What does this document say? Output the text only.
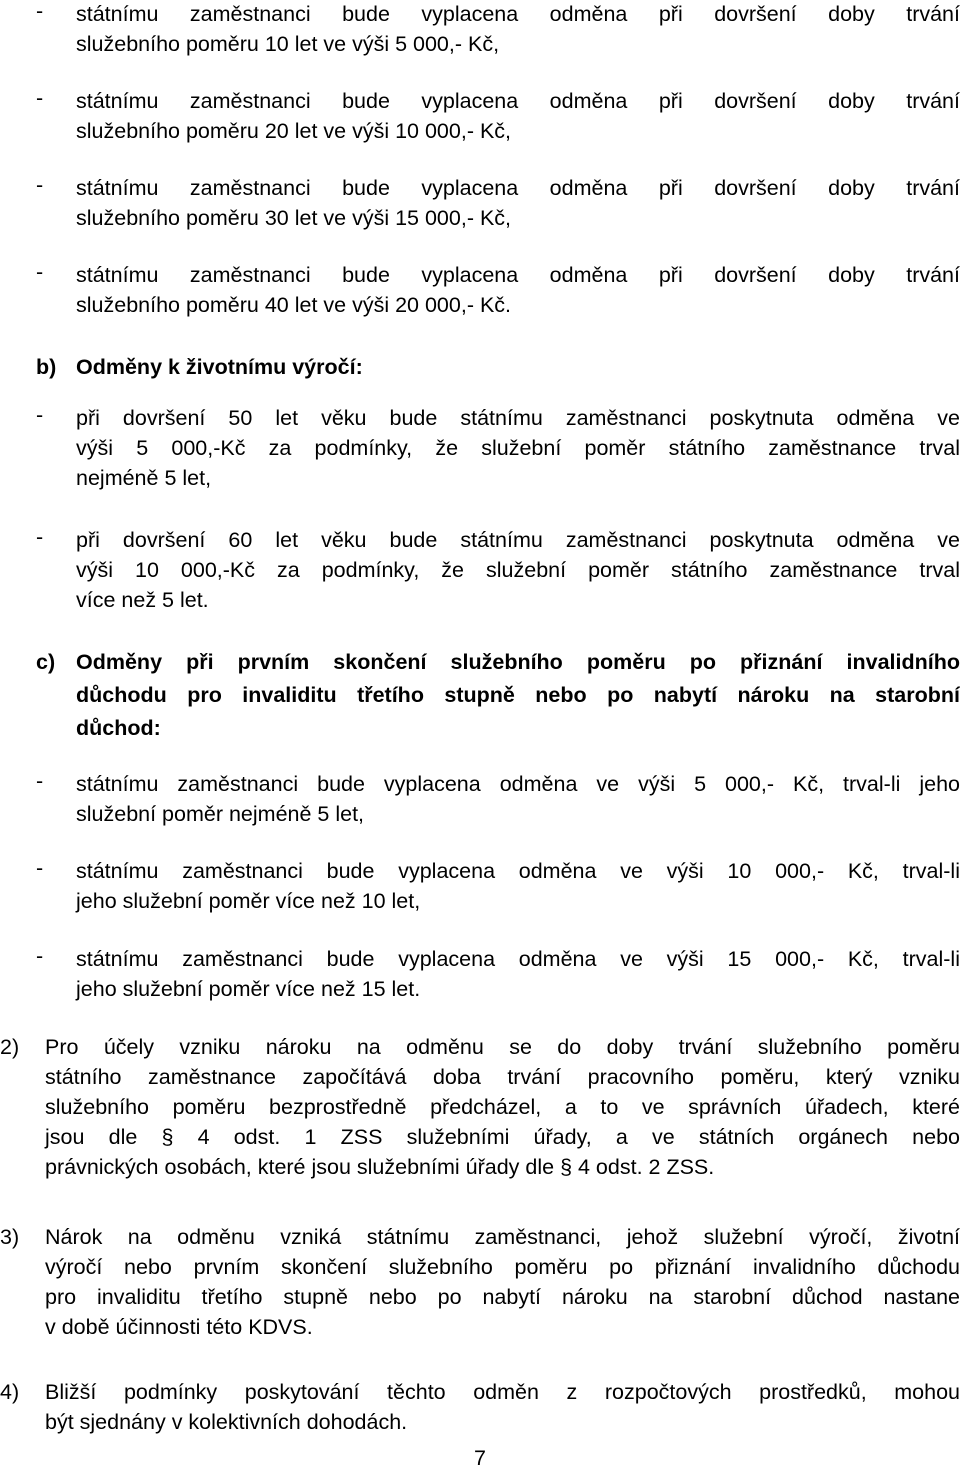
-	státnímu zaměstnanci bude vyplacena odměna při dovršení doby trvání
služebního poměru 10 let ve výši 5 000,- Kč,
-	státnímu zaměstnanci bude vyplacena odměna při dovršení doby trvání
služebního poměru 20 let ve výši 10 000,- Kč,
-	státnímu zaměstnanci bude vyplacena odměna při dovršení doby trvání
služebního poměru 30 let ve výši 15 000,- Kč,
-	státnímu zaměstnanci bude vyplacena odměna při dovršení doby trvání
služebního poměru 40 let ve výši 20 000,- Kč.
b) Odměny k životnímu výročí:
-	při dovršení 50 let věku bude státnímu zaměstnanci poskytnuta odměna ve
výši 5 000,-Kč za podmínky, že služební poměr státního zaměstnance trval
nejméně 5 let,
-	při dovršení 60 let věku bude státnímu zaměstnanci poskytnuta odměna ve
výši 10 000,-Kč za podmínky, že služební poměr státního zaměstnance trval
více než 5 let.
c) Odměny při prvním skončení služebního poměru po přiznání invalidního
důchodu pro invaliditu třetího stupně nebo po nabytí nároku na starobní
důchod:
-	státnímu zaměstnanci bude vyplacena odměna ve výši 5 000,- Kč, trval-li jeho
služební poměr nejméně 5 let,
-	státnímu zaměstnanci bude vyplacena odměna ve výši 10 000,- Kč, trval-li
jeho služební poměr více než 10 let,
-	státnímu zaměstnanci bude vyplacena odměna ve výši 15 000,- Kč, trval-li
jeho služební poměr více než 15 let.
2)	Pro účely vzniku nároku na odměnu se do doby trvání služebního poměru
státního zaměstnance započítává doba trvání pracovního poměru, který vzniku
služebního poměru bezprostředně předcházel, a to ve správních úřadech, které
jsou dle § 4 odst. 1 ZSS služebními úřady, a ve státních orgánech nebo
právnických osobách, které jsou služebními úřady dle § 4 odst. 2 ZSS.
3)	Nárok na odměnu vzniká státnímu zaměstnanci, jehož služební výročí, životní
výročí nebo prvním skončení služebního poměru po přiznání invalidního důchodu
pro invaliditu třetího stupně nebo po nabytí nároku na starobní důchod nastane
v době účinnosti této KDVS.
4)	Bližší podmínky poskytování těchto odměn z rozpočtových prostředků, mohou
být sjednány v kolektivních dohodách.
7
